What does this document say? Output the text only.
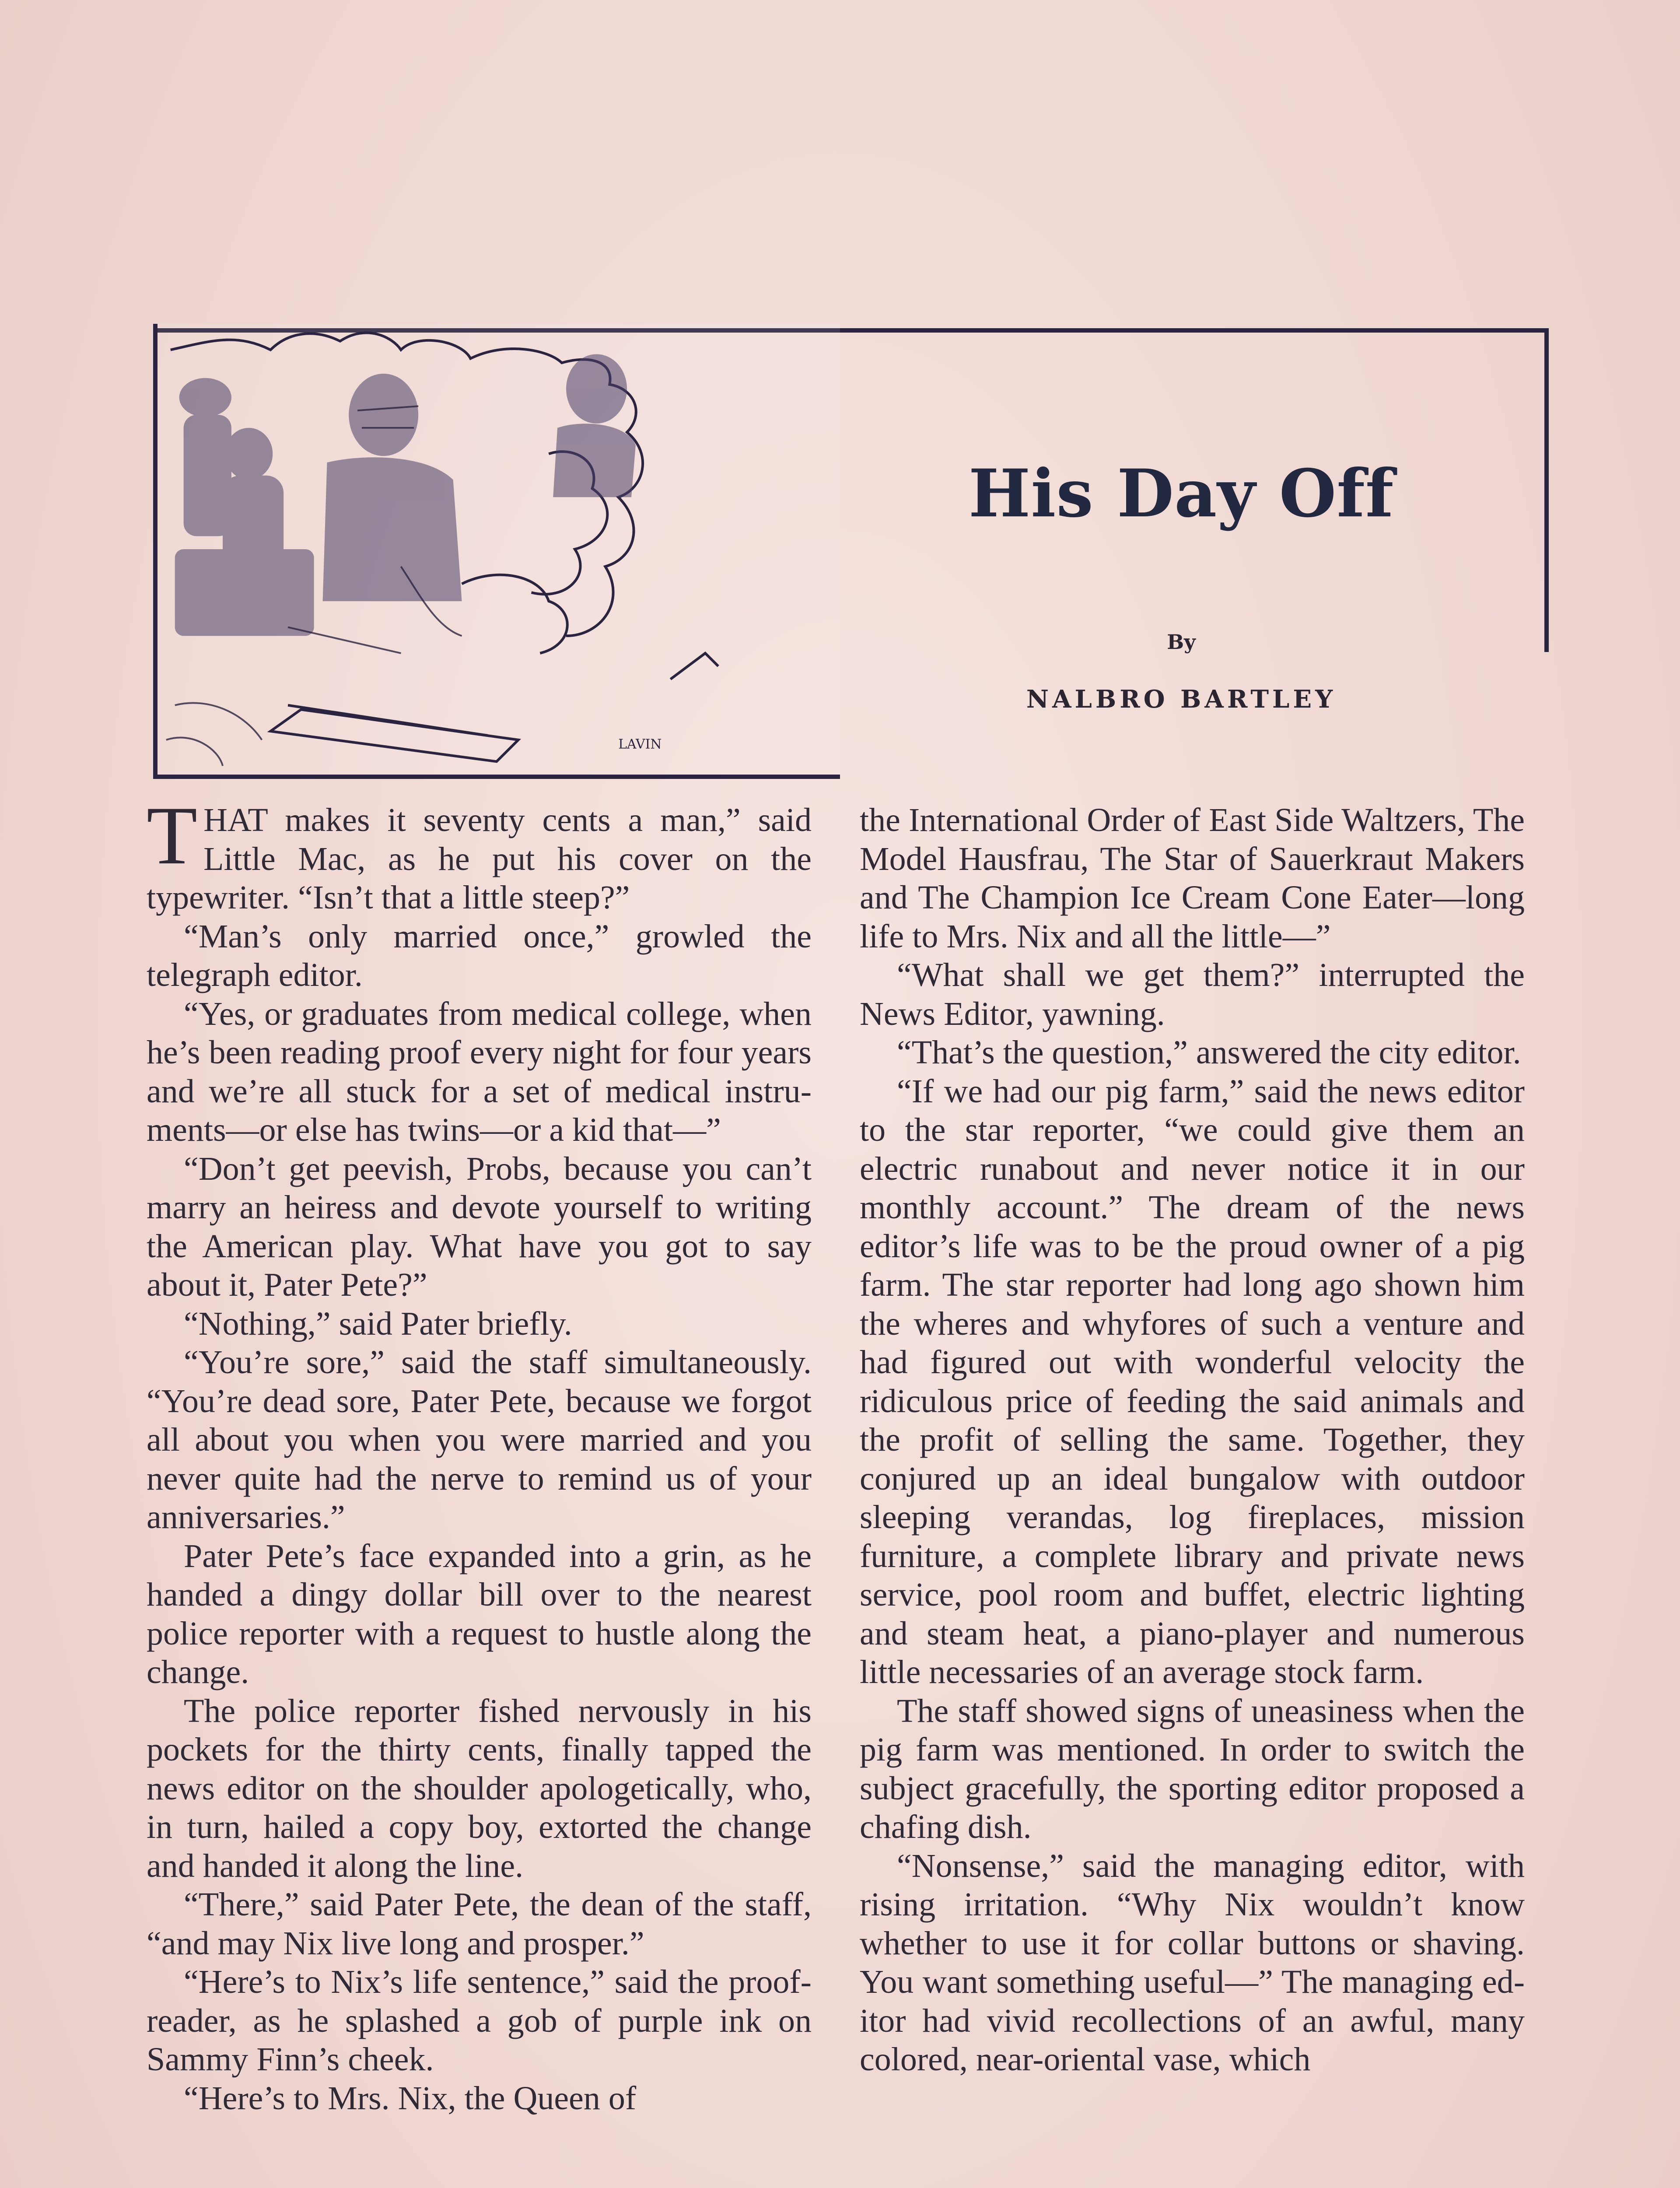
LAVIN
His Day Off
By
NALBRO BARTLEY

THAT makes it seventy cents a man,” said Little Mac, as he put his cover on the typewriter. “Isn’t that a little steep?”

“Man’s only married once,” growled the telegraph editor.

“Yes, or graduates from medical college, when he’s been reading proof every night for four years and we’re all stuck for a set of medical instruments—or else has twins—or a kid that—”

“Don’t get peevish, Probs, because you can’t marry an heiress and devote yourself to writing the American play. What have you got to say about it, Pater Pete?”

“Nothing,” said Pater briefly.

“You’re sore,” said the staff simultaneously. “You’re dead sore, Pater Pete, because we forgot all about you when you were married and you never quite had the nerve to remind us of your anniversaries.”

Pater Pete’s face expanded into a grin, as he handed a dingy dollar bill over to the nearest police reporter with a request to hustle along the change.

The police reporter fished nervously in his pockets for the thirty cents, finally tapped the news editor on the shoulder apologetically, who, in turn, hailed a copy boy, extorted the change and handed it along the line.

“There,” said Pater Pete, the dean of the staff, “and may Nix live long and prosper.”

“Here’s to Nix’s life sentence,” said the proof-reader, as he splashed a gob of purple ink on Sammy Finn’s cheek.

“Here’s to Mrs. Nix, the Queen of

the International Order of East Side Waltzers, The Model Hausfrau, The Star of Sauerkraut Makers and The Champion Ice Cream Cone Eater—long life to Mrs. Nix and all the little—”

“What shall we get them?” interrupted the News Editor, yawning.

“That’s the question,” answered the city editor.

“If we had our pig farm,” said the news editor to the star reporter, “we could give them an electric runabout and never notice it in our monthly account.” The dream of the news editor’s life was to be the proud owner of a pig farm. The star reporter had long ago shown him the wheres and whyfores of such a venture and had figured out with wonderful velocity the ridiculous price of feeding the said animals and the profit of selling the same. Together, they conjured up an ideal bungalow with outdoor sleeping verandas, log fireplaces, mission furniture, a complete library and private news service, pool room and buffet, electric lighting and steam heat, a piano-player and numerous little necessaries of an average stock farm.

The staff showed signs of uneasiness when the pig farm was mentioned. In order to switch the subject gracefully, the sporting editor proposed a chafing dish.

“Nonsense,” said the managing editor, with rising irritation. “Why Nix wouldn’t know whether to use it for collar buttons or shaving. You want something useful—” The managing editor had vivid recollections of an awful, many colored, near-oriental vase, which
